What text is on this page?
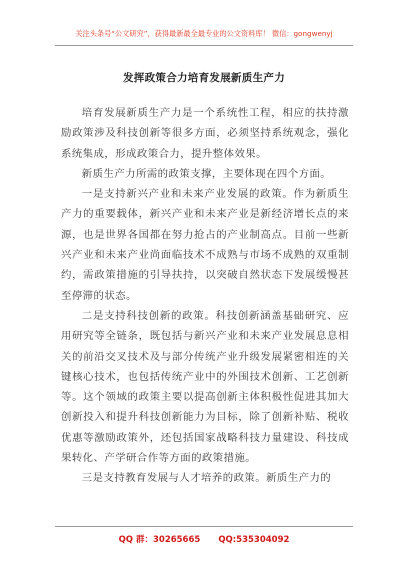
关注头条号“公文研究”，获得最新最全最专业的公文资料库！ 微信：gongwenyj
发挥政策合力培育发展新质生产力

培育发展新质生产力是一个系统性工程，相应的扶持激励政策涉及科技创新等很多方面，必须坚持系统观念，强化系统集成，形成政策合力，提升整体效果。

新质生产力所需的政策支撑，主要体现在四个方面。

一是支持新兴产业和未来产业发展的政策。作为新质生产力的重要载体，新兴产业和未来产业是新经济增长点的来源，也是世界各国都在努力抢占的产业制高点。目前一些新兴产业和未来产业尚面临技术不成熟与市场不成熟的双重制约，需政策措施的引导扶持，以突破自然状态下发展缓慢甚至停滞的状态。

二是支持科技创新的政策。科技创新涵盖基础研究、应用研究等全链条，既包括与新兴产业和未来产业发展息息相关的前沿交叉技术及与部分传统产业升级发展紧密相连的关键核心技术，也包括传统产业中的外围技术创新、工艺创新等。这个领域的政策主要以提高创新主体积极性促进其加大创新投入和提升科技创新能力为目标，除了创新补贴、税收优惠等激励政策外，还包括国家战略科技力量建设、科技成果转化、产学研合作等方面的政策措施。

三是支持教育发展与人才培养的政策。新质生产力的

QQ 群：30265665 QQ:535304092
